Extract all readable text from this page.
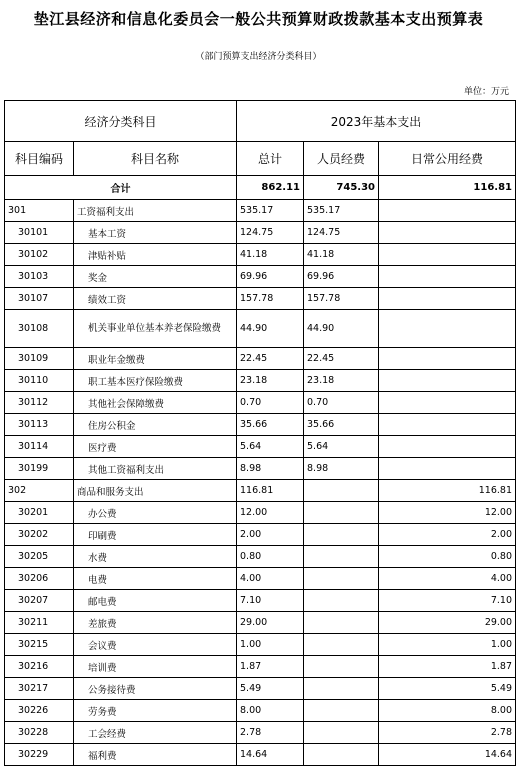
垫江县经济和信息化委员会一般公共预算财政拨款基本支出预算表
（部门预算支出经济分类科目）
单位：万元
经济分类科目		2023年基本支出		
科目编码	科目名称	总计	人员经费	日常公用经费
合计		862.11	745.30	116.81
301	工资福利支出	535.17	535.17	
30101	基本工资	124.75	124.75	
30102	津贴补贴	41.18	41.18	
30103	奖金	69.96	69.96	
30107	绩效工资	157.78	157.78	
30108	机关事业单位基本养老保险缴费	44.90	44.90	
30109	职业年金缴费	22.45	22.45	
30110	职工基本医疗保险缴费	23.18	23.18	
30112	其他社会保障缴费	0.70	0.70	
30113	住房公积金	35.66	35.66	
30114	医疗费	5.64	5.64	
30199	其他工资福利支出	8.98	8.98	
302	商品和服务支出	116.81		116.81
30201	办公费	12.00		12.00
30202	印刷费	2.00		2.00
30205	水费	0.80		0.80
30206	电费	4.00		4.00
30207	邮电费	7.10		7.10
30211	差旅费	29.00		29.00
30215	会议费	1.00		1.00
30216	培训费	1.87		1.87
30217	公务接待费	5.49		5.49
30226	劳务费	8.00		8.00
30228	工会经费	2.78		2.78
30229	福利费	14.64		14.64
